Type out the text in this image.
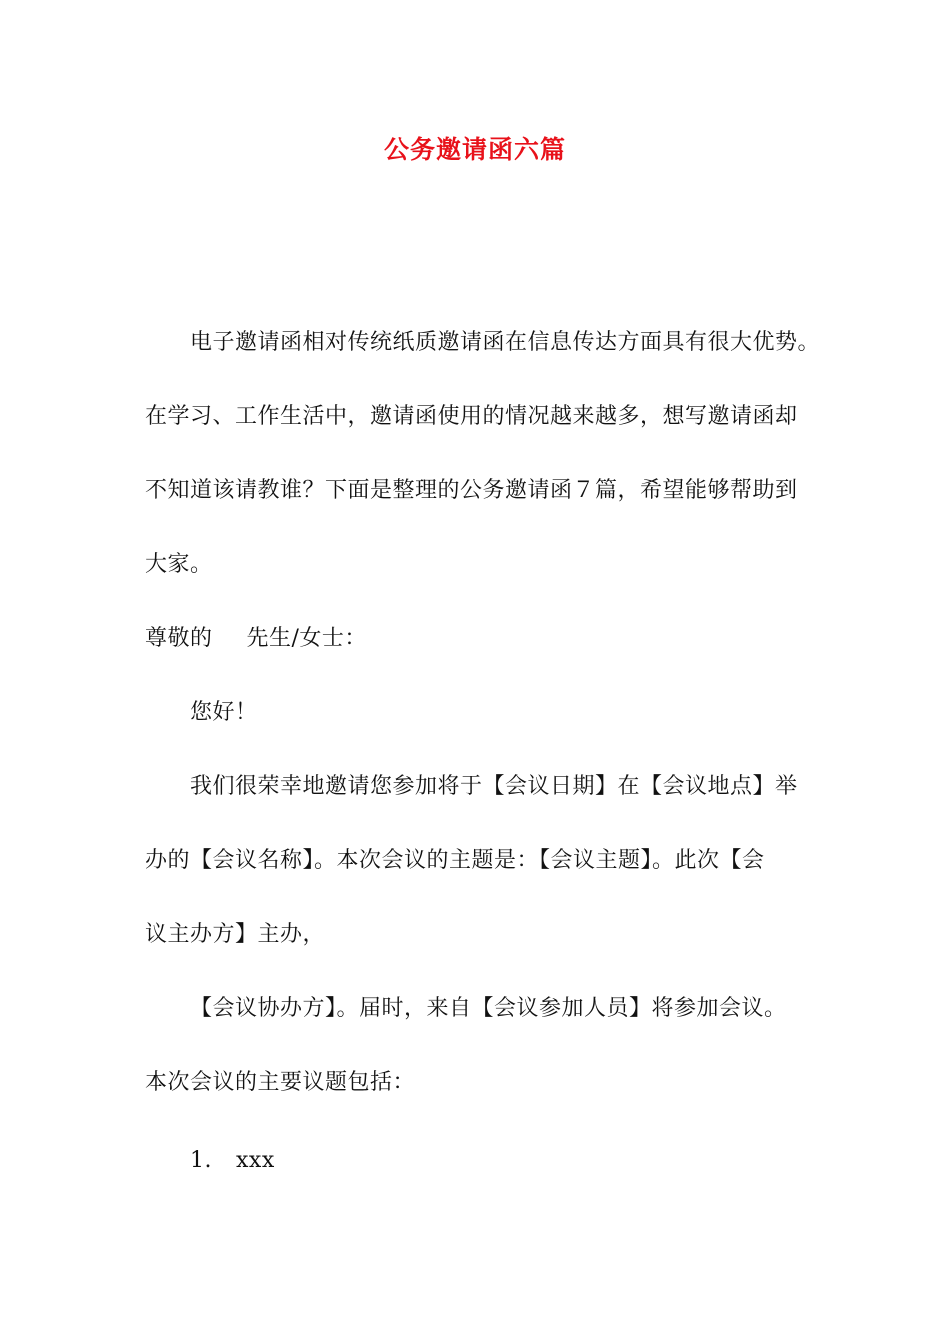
公务邀请函六篇
电子邀请函相对传统纸质邀请函在信息传达方面具有很大优势。
在学习、工作生活中，邀请函使用的情况越来越多，想写邀请函却
不知道该请教谁？下面是整理的公务邀请函７篇，希望能够帮助到
大家。
尊敬的 先生/女士：
您好！
我们很荣幸地邀请您参加将于【会议日期】在【会议地点】举
办的【会议名称】。本次会议的主题是：【会议主题】。此次【会
议主办方】主办，
【会议协办方】。届时，来自【会议参加人员】将参加会议。
本次会议的主要议题包括：
1. xxx
